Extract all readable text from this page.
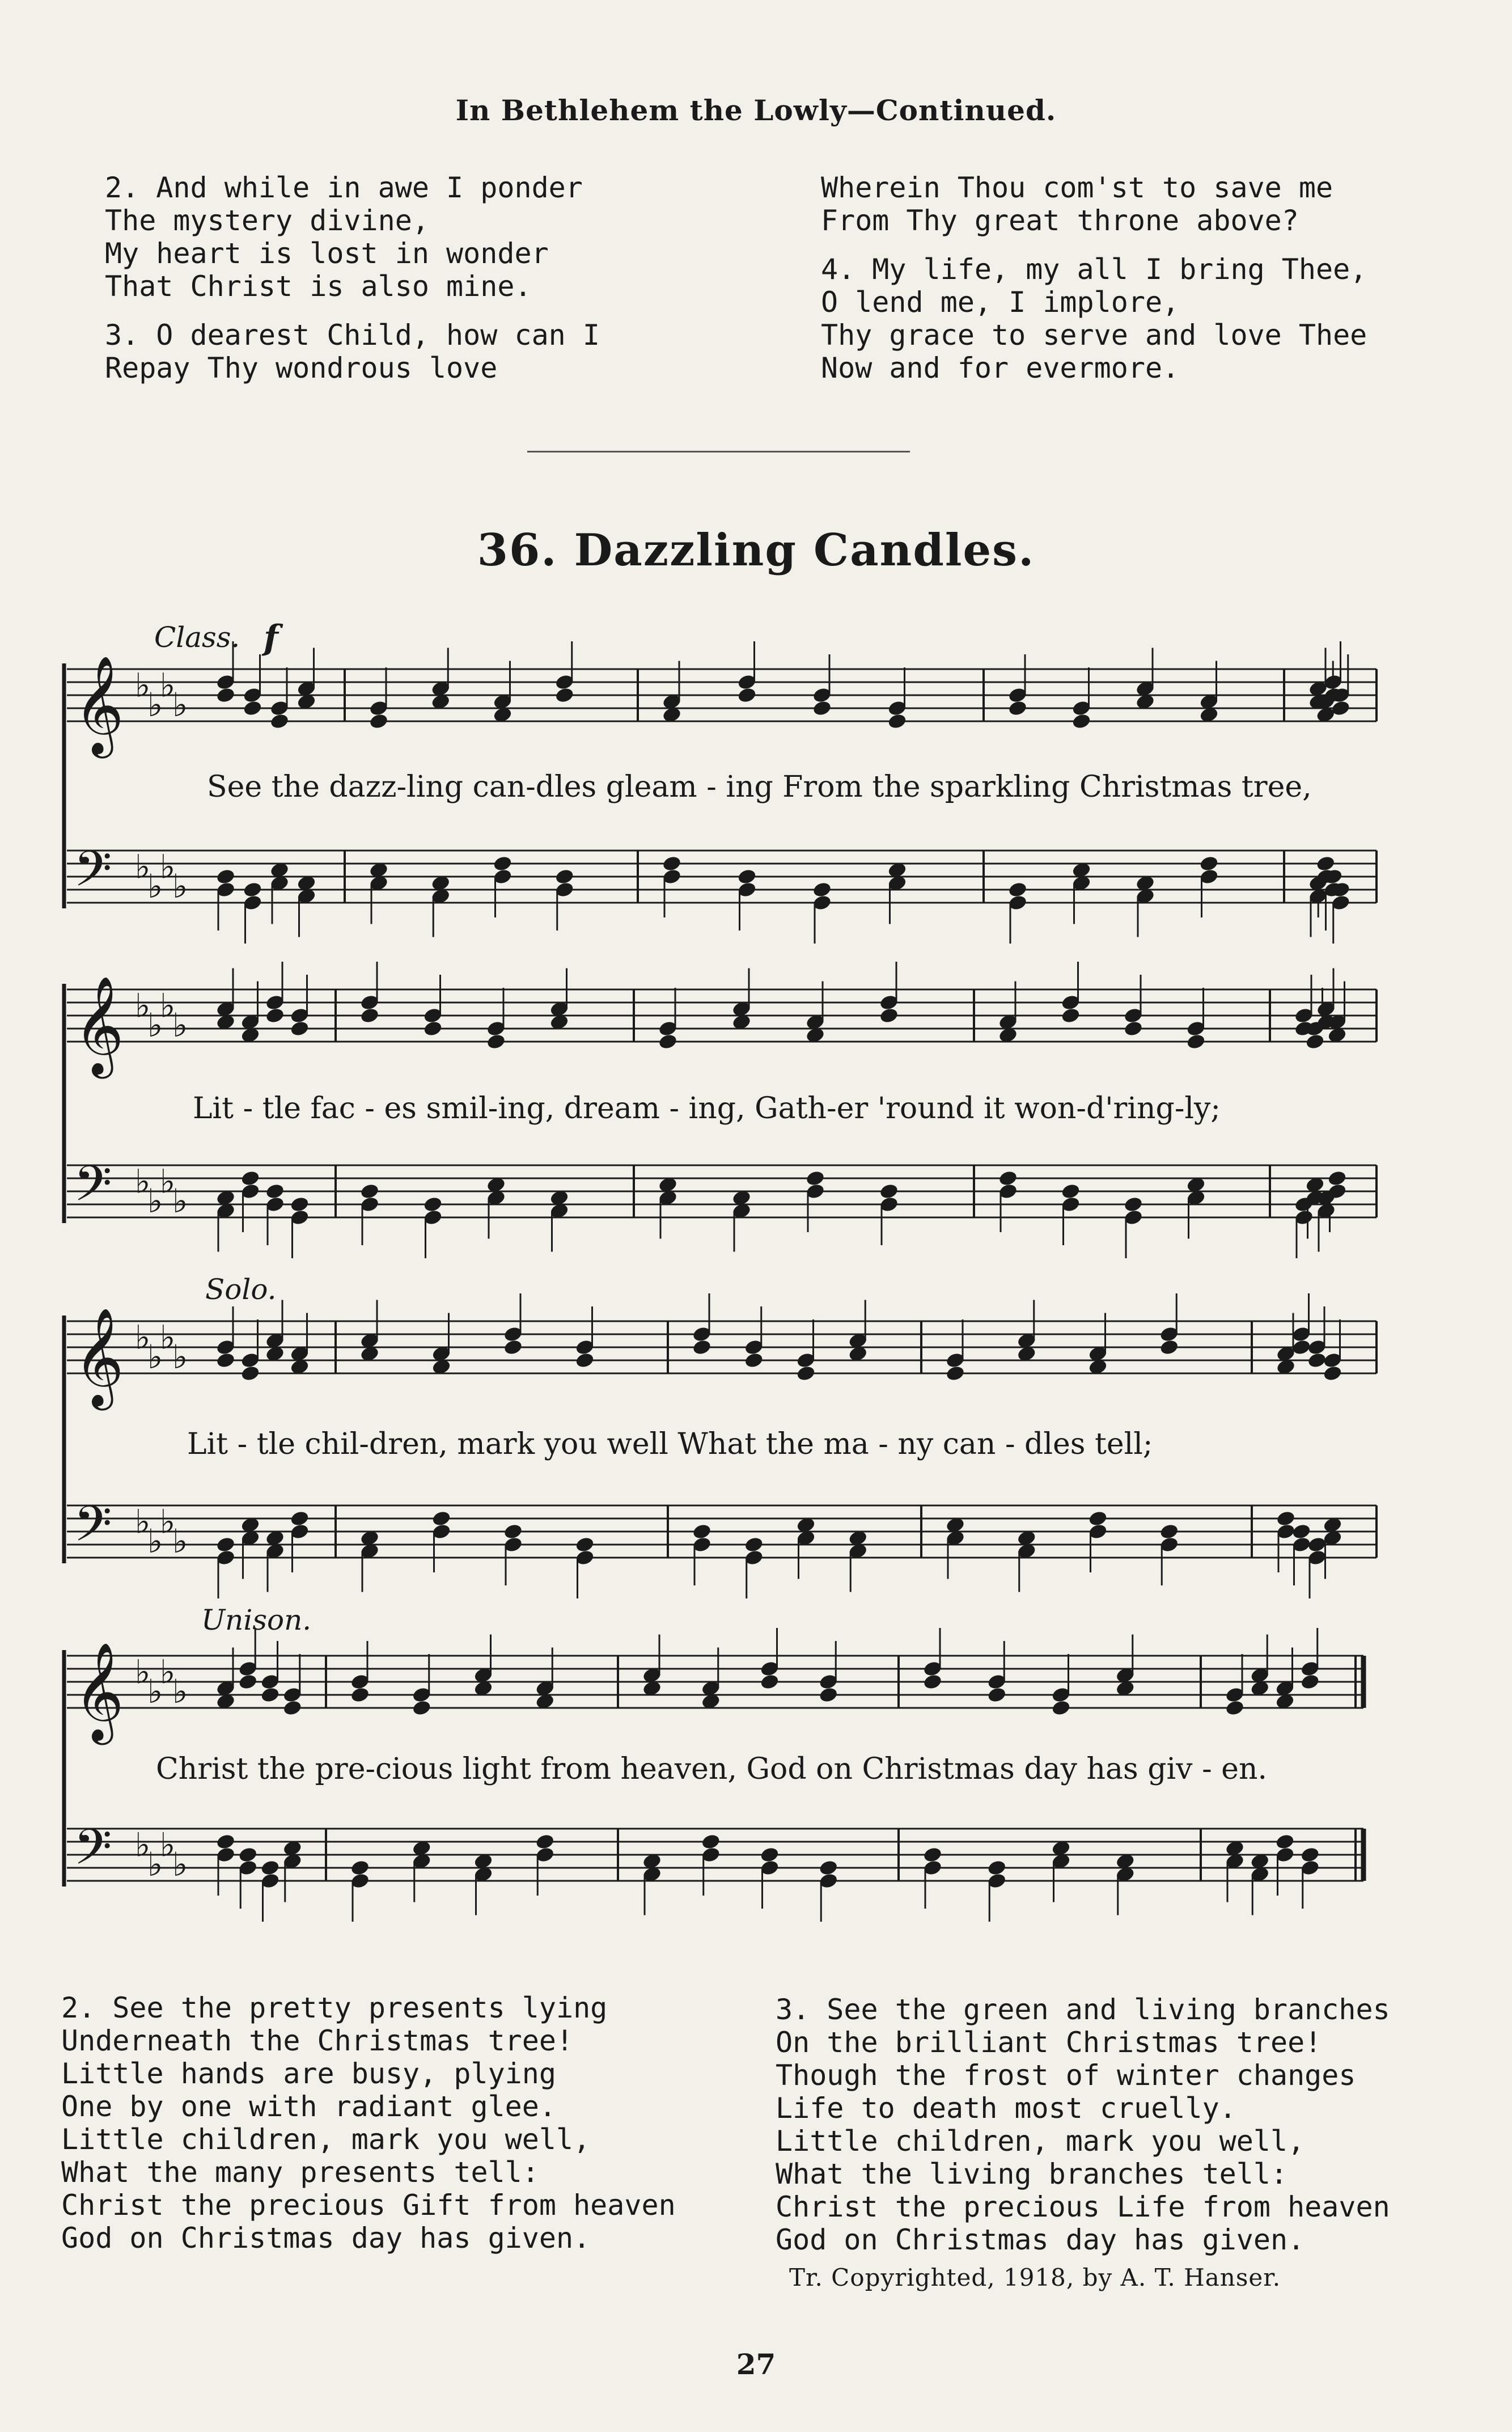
In Bethlehem the Lowly—Continued.
2. And while in awe I ponder
The mystery divine,
My heart is lost in wonder
That Christ is also mine.
3. O dearest Child, how can I
Repay Thy wondrous love
Wherein Thou com'st to save me
From Thy great throne above?
4. My life, my all I bring Thee,
O lend me, I implore,
Thy grace to serve and love Thee
Now and for evermore.
36. Dazzling Candles.
𝄞 ♭
♭
♭
♭
𝄢 ♭
♭
♭
♭
𝄞 ♭
♭
♭
♭
𝄢 ♭
♭
♭
♭
𝄞 ♭
♭
♭
♭
𝄢 ♭
♭
♭
♭
𝄞 ♭
♭
♭
♭
𝄢 ♭
♭
♭
♭
Class. f
See the dazz-ling can-dles gleam - ing From the sparkling Christmas tree,
Lit - tle fac - es smil-ing, dream - ing, Gath-er 'round it won-d'ring-ly;
Solo.
Lit - tle chil-dren, mark you well What the ma - ny can - dles tell;
Unison.
Christ the pre-cious light from heaven, God on Christmas day has giv - en.
2. See the pretty presents lying
Underneath the Christmas tree!
Little hands are busy, plying
One by one with radiant glee.
Little children, mark you well,
What the many presents tell:
Christ the precious Gift from heaven
God on Christmas day has given.
3. See the green and living branches
On the brilliant Christmas tree!
Though the frost of winter changes
Life to death most cruelly.
Little children, mark you well,
What the living branches tell:
Christ the precious Life from heaven
God on Christmas day has given.
Tr. Copyrighted, 1918, by A. T. Hanser.
27
